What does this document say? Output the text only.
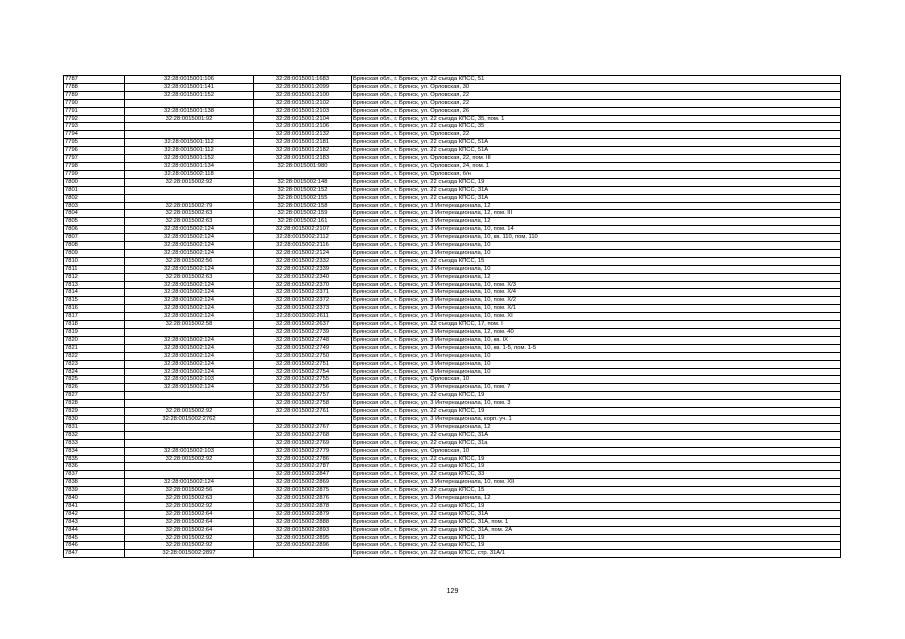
7787	32:28:0015001:106	32:28:0015001:1683	Брянская обл., г. Брянск, ул. 22 съезда КПСС, 51
7788	32:28:0015001:141	32:28:0015001:2099	Брянская обл., г. Брянск, ул. Орловская, 30
7789	32:28:0015001:152	32:28:0015001:2100	Брянская обл., г. Брянск, ул. Орловская, 22
7790		32:28:0015001:2102	Брянская обл., г. Брянск, ул. Орловская, 22
7791	32:28:0015001:138	32:28:0015001:2103	Брянская обл., г. Брянск, ул. Орловская, 26
7792	32:28:0015001:92	32:28:0015001:2104	Брянская обл., г. Брянск, ул. 22 съезда КПСС, 35, пом. 1
7793		32:28:0015001:2106	Брянская обл., г. Брянск, ул. 22 съезда КПСС, 35
7794		32:28:0015001:2132	Брянская обл., г. Брянск, ул. Орловская, 22
7795	32:28:0015001:112	32:28:0015001:2181	Брянская обл., г. Брянск, ул. 22 съезда КПСС, 51А
7796	32:28:0015001:112	32:28:0015001:2182	Брянская обл., г. Брянск, ул. 22 съезда КПСС, 51А
7797	32:28:0015001:152	32:28:0015001:2183	Брянская обл., г. Брянск, ул. Орловская, 22, пом. III
7798	32:28:0015001:134	32:28:0015001:980	Брянская обл., г. Брянск, ул. Орловская, 24, пом. 1
7799	32:28:0015002:118		Брянская обл., г. Брянск, ул. Орловская, б/н
7800	32:28:0015002:92	32:28:0015002:148	Брянская обл., г. Брянск, ул. 22 съезда КПСС, 19
7801		32:28:0015002:152	Брянская обл., г. Брянск, ул. 22 съезда КПСС, 31А
7802		32:28:0015002:155	Брянская обл., г. Брянск, ул. 22 съезда КПСС, 31А
7803	32:28:0015002:79	32:28:0015002:158	Брянская обл., г. Брянск, ул. 3 Интернационала, 12
7804	32:28:0015002:63	32:28:0015002:159	Брянская обл., г. Брянск, ул. 3 Интернационала, 12, пом. III
7805	32:28:0015002:63	32:28:0015002:161	Брянская обл., г. Брянск, ул. 3 Интернационала, 12
7806	32:28:0015002:124	32:28:0015002:2107	Брянская обл., г. Брянск, ул. 3 Интернационала, 10, пом. 14
7807	32:28:0015002:124	32:28:0015002:2112	Брянская обл., г. Брянск, ул. 3 Интернационала, 10, кв. 110, пом. 110
7808	32:28:0015002:124	32:28:0015002:2116	Брянская обл., г. Брянск, ул. 3 Интернационала, 10
7809	32:28:0015002:124	32:28:0015002:2124	Брянская обл., г. Брянск, ул. 3 Интернационала, 10
7810	32:28:0015002:56	32:28:0015002:2332	Брянская обл., г. Брянск, ул. 22 съезда КПСС, 15
7811	32:28:0015002:124	32:28:0015002:2339	Брянская обл., г. Брянск, ул. 3 Интернационала, 10
7812	32:28:0015002:63	32:28:0015002:2340	Брянская обл., г. Брянск, ул. 3 Интернационала, 12
7813	32:28:0015002:124	32:28:0015002:2370	Брянская обл., г. Брянск, ул. 3 Интернационала, 10, пом. Х/3
7814	32:28:0015002:124	32:28:0015002:2371	Брянская обл., г. Брянск, ул. 3 Интернационала, 10, пом. Х/4
7815	32:28:0015002:124	32:28:0015002:2372	Брянская обл., г. Брянск, ул. 3 Интернационала, 10, пом. Х/2
7816	32:28:0015002:124	32:28:0015002:2373	Брянская обл., г. Брянск, ул. 3 Интернационала, 10, пом. Х/1
7817	32:28:0015002:124	32:28:0015002:2611	Брянская обл., г. Брянск, ул. 3 Интернационала, 10, пом. XI
7818	32:28:0015002:58	32:28:0015002:2637	Брянская обл., г. Брянск, ул. 22 съезда КПСС, 17, пом. I
7819		32:28:0015002:2739	Брянская обл., г. Брянск, ул. 3 Интернационала, 12, пом. 40
7820	32:28:0015002:124	32:28:0015002:2748	Брянская обл., г. Брянск, ул. 3 Интернационала, 10, кв. IX
7821	32:28:0015002:124	32:28:0015002:2749	Брянская обл., г. Брянск, ул. 3 Интернационала, 10, кв. 1-5, пом. 1-5
7822	32:28:0015002:124	32:28:0015002:2750	Брянская обл., г. Брянск, ул. 3 Интернационала, 10
7823	32:28:0015002:124	32:28:0015002:2751	Брянская обл., г. Брянск, ул. 3 Интернационала, 10
7824	32:28:0015002:124	32:28:0015002:2754	Брянская обл., г. Брянск, ул. 3 Интернационала, 10
7825	32:28:0015002:103	32:28:0015002:2755	Брянская обл., г. Брянск, ул. Орловская, 10
7826	32:28:0015002:124	32:28:0015002:2756	Брянская обл., г. Брянск, ул. 3 Интернационала, 10, пом. 7
7827		32:28:0015002:2757	Брянская обл., г. Брянск, ул. 22 съезда КПСС, 19
7828		32:28:0015002:2758	Брянская обл., г. Брянск, ул. 3 Интернационала, 10, пом. 3
7829	32:28:0015002:92	32:28:0015002:2761	Брянская обл., г. Брянск, ул. 22 съезда КПСС, 19
7830	32:28:0015002:2762		Брянская обл., г. Брянск, ул. 3 Интернационала, корп. уч. 1
7831		32:28:0015002:2767	Брянская обл., г. Брянск, ул. 3 Интернационала, 12
7832		32:28:0015002:2768	Брянская обл., г. Брянск, ул. 22 съезда КПСС, 31А
7833		32:28:0015002:2769	Брянская обл., г. Брянск, ул. 22 съезда КПСС, 31а
7834	32:28:0015002:103	32:28:0015002:2779	Брянская обл., г. Брянск, ул. Орловская, 10
7835	32:28:0015002:92	32:28:0015002:2786	Брянская обл., г. Брянск, ул. 22 съезда КПСС, 19
7836		32:28:0015002:2787	Брянская обл., г. Брянск, ул. 22 съезда КПСС, 19
7837		32:28:0015002:2847	Брянская обл., г. Брянск, ул. 22 съезда КПСС, 33
7838	32:28:0015002:124	32:28:0015002:2869	Брянская обл., г. Брянск, ул. 3 Интернационала, 10, пом. XII
7839	32:28:0015002:56	32:28:0015002:2875	Брянская обл., г. Брянск, ул. 22 съезда КПСС, 15
7840	32:28:0015002:63	32:28:0015002:2876	Брянская обл., г. Брянск, ул. 3 Интернационала, 12
7841	32:28:0015002:92	32:28:0015002:2878	Брянская обл., г. Брянск, ул. 22 съезда КПСС, 19
7842	32:28:0015002:64	32:28:0015002:2879	Брянская обл., г. Брянск, ул. 22 съезда КПСС, 31А
7843	32:28:0015002:64	32:28:0015002:2888	Брянская обл., г. Брянск, ул. 22 съезда КПСС, 31А, пом. 1
7844	32:28:0015002:64	32:28:0015002:2893	Брянская обл., г. Брянск, ул. 22 съезда КПСС, 31А, пом. 2А
7845	32:28:0015002:92	32:28:0015002:2895	Брянская обл., г. Брянск, ул. 22 съезда КПСС, 19
7846	32:28:0015002:92	32:28:0015002:2896	Брянская обл., г. Брянск, ул. 22 съезда КПСС, 19
7847	32:28:0015002:2897		Брянская обл., г. Брянск, ул. 22 съезда КПСС, стр. 31А/1
129
